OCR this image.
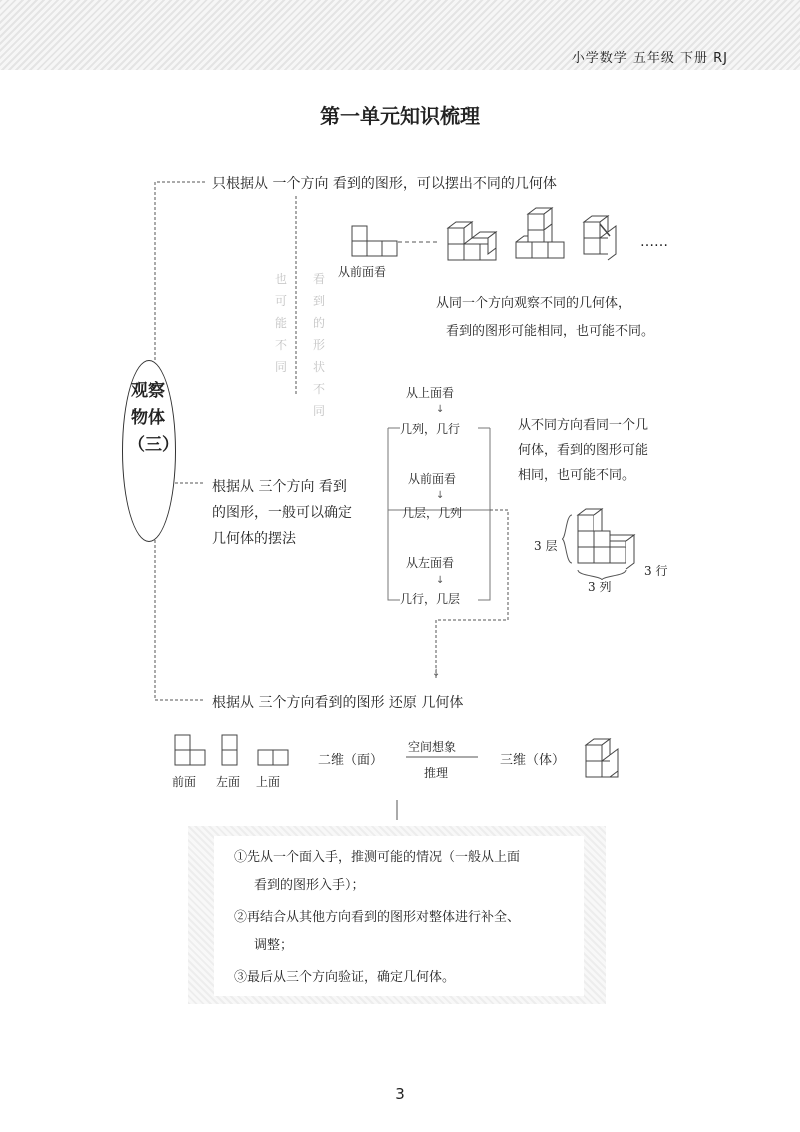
小学数学 五年级 下册 RJ
第一单元知识梳理
↓
↓
↓
↓
观察物体（三）
只根据从 一个方向 看到的图形，可以摆出不同的几何体
从前面看
……
也可能不同
看到的形状不同
从同一个方向观察不同的几何体，
看到的图形可能相同，也可能不同。
根据从 三个方向 看到
的图形，一般可以确定
几何体的摆法
从上面看
几列，几行
从前面看
几层，几列
从左面看
几行，几层
从不同方向看同一个几
何体，看到的图形可能
相同，也可能不同。
3 层
3 行
3 列
根据从 三个方向看到的图形 还原 几何体
前面 左面 上面
二维（面）
空间想象
推理
三维（体）
①先从一个面入手，推测可能的情况（一般从上面
看到的图形入手）；
②再结合从其他方向看到的图形对整体进行补全、
调整；
③最后从三个方向验证，确定几何体。
3
